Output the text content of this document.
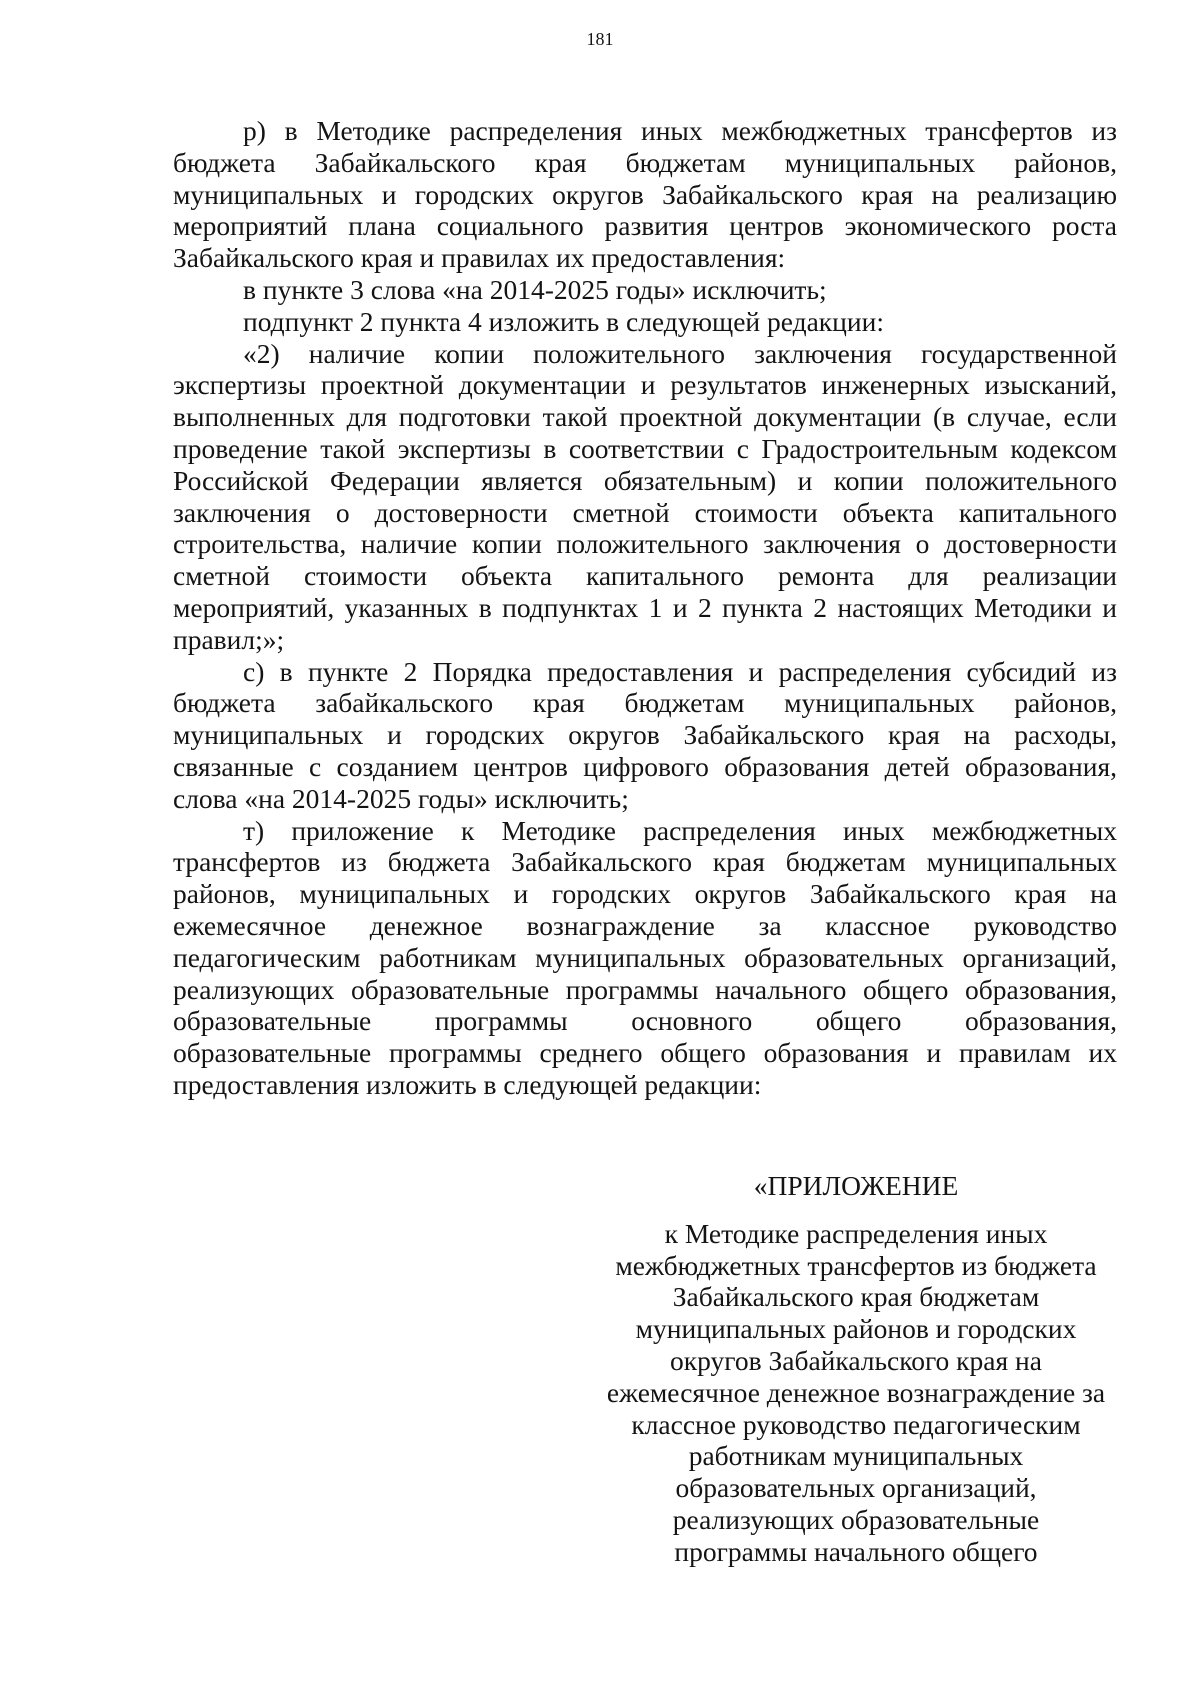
181
р) в Методике распределения иных межбюджетных трансфертов из
бюджета Забайкальского края бюджетам муниципальных районов,
муниципальных и городских округов Забайкальского края на реализацию
мероприятий плана социального развития центров экономического роста
Забайкальского края и правилах их предоставления:
в пункте 3 слова «на 2014-2025 годы» исключить;
подпункт 2 пункта 4 изложить в следующей редакции:
«2) наличие копии положительного заключения государственной
экспертизы проектной документации и результатов инженерных изысканий,
выполненных для подготовки такой проектной документации (в случае, если
проведение такой экспертизы в соответствии с Градостроительным кодексом
Российской Федерации является обязательным) и копии положительного
заключения о достоверности сметной стоимости объекта капитального
строительства, наличие копии положительного заключения о достоверности
сметной стоимости объекта капитального ремонта для реализации
мероприятий, указанных в подпунктах 1 и 2 пункта 2 настоящих Методики и
правил;»;
с) в пункте 2 Порядка предоставления и распределения субсидий из
бюджета забайкальского края бюджетам муниципальных районов,
муниципальных и городских округов Забайкальского края на расходы,
связанные с созданием центров цифрового образования детей образования,
слова «на 2014-2025 годы» исключить;
т) приложение к Методике распределения иных межбюджетных
трансфертов из бюджета Забайкальского края бюджетам муниципальных
районов, муниципальных и городских округов Забайкальского края на
ежемесячное денежное вознаграждение за классное руководство
педагогическим работникам муниципальных образовательных организаций,
реализующих образовательные программы начального общего образования,
образовательные программы основного общего образования,
образовательные программы среднего общего образования и правилам их
предоставления изложить в следующей редакции:
«ПРИЛОЖЕНИЕ
к Методике распределения иных
межбюджетных трансфертов из бюджета
Забайкальского края бюджетам
муниципальных районов и городских
округов Забайкальского края на
ежемесячное денежное вознаграждение за
классное руководство педагогическим
работникам муниципальных
образовательных организаций,
реализующих образовательные
программы начального общего
